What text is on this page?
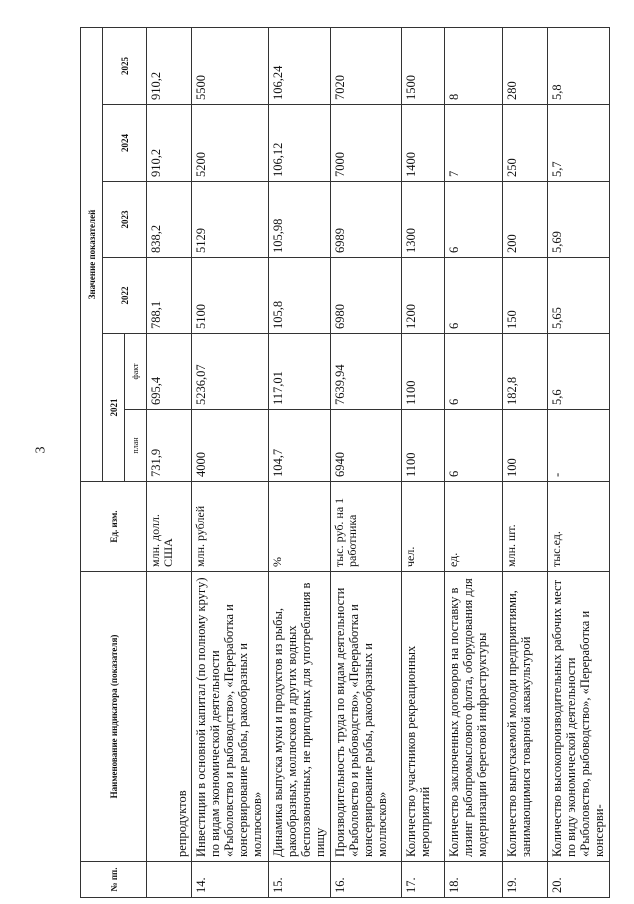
3
№ пп.	Наименование индикатора (показателя)	Ед. изм.	Значение показателей					
			2021		2022	2023	2024	2025
			план	факт				
	репродуктов	млн. долл. США	731,9	695,4	788,1	838,2	910,2	910,2
14.	Инвестиции в основной капитал (по полному кругу) по видам экономической деятельности «Рыболовство и рыбоводство», «Переработка и консервирование рыбы, ракообразных и моллюсков»	млн. рублей	4000	5236,07	5100	5129	5200	5500
15.	Динамика выпуска муки и продуктов из рыбы, ракообразных, моллюсков и других водных беспозвоночных, не пригодных для употребления в пищу	%	104,7	117,01	105,8	105,98	106,12	106,24
16.	Производительность труда по видам деятельности «Рыболовство и рыбоводство», «Переработка и консервирование рыбы, ракообразных и моллюсков»	тыс. руб. на 1 работника	6940	7639,94	6980	6989	7000	7020
17.	Количество участников рекреационных мероприятий	чел.	1100	1100	1200	1300	1400	1500
18.	Количество заключенных договоров на поставку в лизинг рыбопромыслового флота, оборудования для модернизации береговой инфраструктуры	ед.	6	6	6	6	7	8
19.	Количество выпускаемой молоди предприятиями, занимающимися товарной аквакультурой	млн. шт.	100	182,8	150	200	250	280
20.	Количество высокопроизводительных рабочих мест по виду экономической деятельности «Рыболовство, рыбоводство», «Переработка и консерви-	тыс.ед.	-	5,6	5,65	5,69	5,7	5,8
